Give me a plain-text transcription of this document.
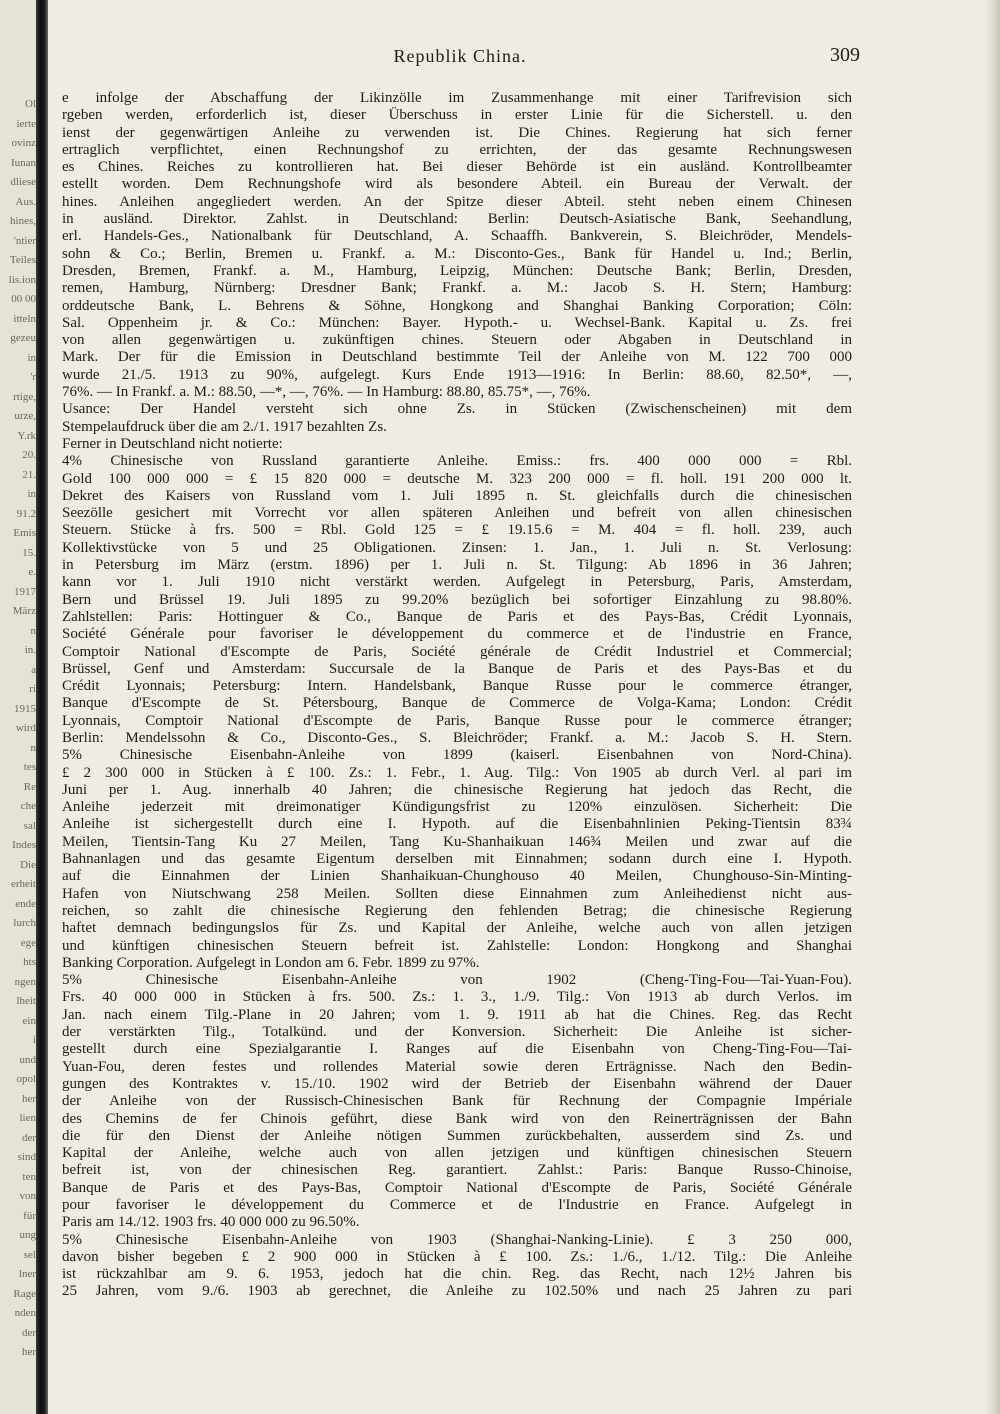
Ol
ierte
ovinz
Iunan
dliese
Aus.
hines,
'ntier
Teiles
lis.ion
00 00
itteln
gezeu
in
'r
rtige,
urze,
Y.rk
20.
21.
in
91.2
Emis
15.
e.
1917
März
n
in.
a
ri
1915
wird
n
tes
Re
che
sal
Indes
Die
erheit
ende
lurch
ege
hts
ngen
lheit
ein
i
und
opol
her
lien
der
sind
ten
von
für
ung
sel
lner
Rage
nden
der
her
Republik China.	309
e infolge der Abschaffung der Likinzölle im Zusammenhange mit einer Tarifrevision sich
rgeben werden, erforderlich ist, dieser Überschuss in erster Linie für die Sicherstell. u. den
ienst der gegenwärtigen Anleihe zu verwenden ist. Die Chines. Regierung hat sich ferner
ertraglich verpflichtet, einen Rechnungshof zu errichten, der das gesamte Rechnungswesen
es Chines. Reiches zu kontrollieren hat. Bei dieser Behörde ist ein ausländ. Kontrollbeamter
estellt worden. Dem Rechnungshofe wird als besondere Abteil. ein Bureau der Verwalt. der
hines. Anleihen angegliedert werden. An der Spitze dieser Abteil. steht neben einem Chinesen
in ausländ. Direktor. Zahlst. in Deutschland: Berlin: Deutsch-Asiatische Bank, Seehandlung,
erl. Handels-Ges., Nationalbank für Deutschland, A. Schaaffh. Bankverein, S. Bleichröder, Mendels-
sohn & Co.; Berlin, Bremen u. Frankf. a. M.: Disconto-Ges., Bank für Handel u. Ind.; Berlin,
Dresden, Bremen, Frankf. a. M., Hamburg, Leipzig, München: Deutsche Bank; Berlin, Dresden,
remen, Hamburg, Nürnberg: Dresdner Bank; Frankf. a. M.: Jacob S. H. Stern; Hamburg:
orddeutsche Bank, L. Behrens & Söhne, Hongkong and Shanghai Banking Corporation; Cöln:
Sal. Oppenheim jr. & Co.: München: Bayer. Hypoth.- u. Wechsel-Bank. Kapital u. Zs. frei
von allen gegenwärtigen u. zukünftigen chines. Steuern oder Abgaben in Deutschland in
Mark. Der für die Emission in Deutschland bestimmte Teil der Anleihe von M. 122 700 000
wurde 21./5. 1913 zu 90%, aufgelegt. Kurs Ende 1913—1916: In Berlin: 88.60, 82.50*, —,
76%. — In Frankf. a. M.: 88.50, —*, —, 76%. — In Hamburg: 88.80, 85.75*, —, 76%.
Usance: Der Handel versteht sich ohne Zs. in Stücken (Zwischenscheinen) mit dem
Stempelaufdruck über die am 2./1. 1917 bezahlten Zs.
Ferner in Deutschland nicht notierte:
4% Chinesische von Russland garantierte Anleihe. Emiss.: frs. 400 000 000 = Rbl.
Gold 100 000 000 = £ 15 820 000 = deutsche M. 323 200 000 = fl. holl. 191 200 000 lt.
Dekret des Kaisers von Russland vom 1. Juli 1895 n. St. gleichfalls durch die chinesischen
Seezölle gesichert mit Vorrecht vor allen späteren Anleihen und befreit von allen chinesischen
Steuern. Stücke à frs. 500 = Rbl. Gold 125 = £ 19.15.6 = M. 404 = fl. holl. 239, auch
Kollektivstücke von 5 und 25 Obligationen. Zinsen: 1. Jan., 1. Juli n. St. Verlosung:
in Petersburg im März (erstm. 1896) per 1. Juli n. St. Tilgung: Ab 1896 in 36 Jahren;
kann vor 1. Juli 1910 nicht verstärkt werden. Aufgelegt in Petersburg, Paris, Amsterdam,
Bern und Brüssel 19. Juli 1895 zu 99.20% bezüglich bei sofortiger Einzahlung zu 98.80%.
Zahlstellen: Paris: Hottinguer & Co., Banque de Paris et des Pays-Bas, Crédit Lyonnais,
Société Générale pour favoriser le développement du commerce et de l'industrie en France,
Comptoir National d'Escompte de Paris, Société générale de Crédit Industriel et Commercial;
Brüssel, Genf und Amsterdam: Succursale de la Banque de Paris et des Pays-Bas et du
Crédit Lyonnais; Petersburg: Intern. Handelsbank, Banque Russe pour le commerce étranger,
Banque d'Escompte de St. Pétersbourg, Banque de Commerce de Volga-Kama; London: Crédit
Lyonnais, Comptoir National d'Escompte de Paris, Banque Russe pour le commerce étranger;
Berlin: Mendelssohn & Co., Disconto-Ges., S. Bleichröder; Frankf. a. M.: Jacob S. H. Stern.
5% Chinesische Eisenbahn-Anleihe von 1899 (kaiserl. Eisenbahnen von Nord-China).
£ 2 300 000 in Stücken à £ 100. Zs.: 1. Febr., 1. Aug. Tilg.: Von 1905 ab durch Verl. al pari im
Juni per 1. Aug. innerhalb 40 Jahren; die chinesische Regierung hat jedoch das Recht, die
Anleihe jederzeit mit dreimonatiger Kündigungsfrist zu 120% einzulösen. Sicherheit: Die
Anleihe ist sichergestellt durch eine I. Hypoth. auf die Eisenbahnlinien Peking-Tientsin 83¾
Meilen, Tientsin-Tang Ku 27 Meilen, Tang Ku-Shanhaikuan 146¾ Meilen und zwar auf die
Bahnanlagen und das gesamte Eigentum derselben mit Einnahmen; sodann durch eine I. Hypoth.
auf die Einnahmen der Linien Shanhaikuan-Chunghouso 40 Meilen, Chunghouso-Sin-Minting-
Hafen von Niutschwang 258 Meilen. Sollten diese Einnahmen zum Anleihedienst nicht aus-
reichen, so zahlt die chinesische Regierung den fehlenden Betrag; die chinesische Regierung
haftet demnach bedingungslos für Zs. und Kapital der Anleihe, welche auch von allen jetzigen
und künftigen chinesischen Steuern befreit ist. Zahlstelle: London: Hongkong and Shanghai
Banking Corporation. Aufgelegt in London am 6. Febr. 1899 zu 97%.
5% Chinesische Eisenbahn-Anleihe von 1902 (Cheng-Ting-Fou—Tai-Yuan-Fou).
Frs. 40 000 000 in Stücken à frs. 500. Zs.: 1. 3., 1./9. Tilg.: Von 1913 ab durch Verlos. im
Jan. nach einem Tilg.-Plane in 20 Jahren; vom 1. 9. 1911 ab hat die Chines. Reg. das Recht
der verstärkten Tilg., Totalkünd. und der Konversion. Sicherheit: Die Anleihe ist sicher-
gestellt durch eine Spezialgarantie I. Ranges auf die Eisenbahn von Cheng-Ting-Fou—Tai-
Yuan-Fou, deren festes und rollendes Material sowie deren Erträgnisse. Nach den Bedin-
gungen des Kontraktes v. 15./10. 1902 wird der Betrieb der Eisenbahn während der Dauer
der Anleihe von der Russisch-Chinesischen Bank für Rechnung der Compagnie Impériale
des Chemins de fer Chinois geführt, diese Bank wird von den Reinerträgnissen der Bahn
die für den Dienst der Anleihe nötigen Summen zurückbehalten, ausserdem sind Zs. und
Kapital der Anleihe, welche auch von allen jetzigen und künftigen chinesischen Steuern
befreit ist, von der chinesischen Reg. garantiert. Zahlst.: Paris: Banque Russo-Chinoise,
Banque de Paris et des Pays-Bas, Comptoir National d'Escompte de Paris, Société Générale
pour favoriser le développement du Commerce et de l'Industrie en France. Aufgelegt in
Paris am 14./12. 1903 frs. 40 000 000 zu 96.50%.
5% Chinesische Eisenbahn-Anleihe von 1903 (Shanghai-Nanking-Linie). £ 3 250 000,
davon bisher begeben £ 2 900 000 in Stücken à £ 100. Zs.: 1./6., 1./12. Tilg.: Die Anleihe
ist rückzahlbar am 9. 6. 1953, jedoch hat die chin. Reg. das Recht, nach 12½ Jahren bis
25 Jahren, vom 9./6. 1903 ab gerechnet, die Anleihe zu 102.50% und nach 25 Jahren zu pari
